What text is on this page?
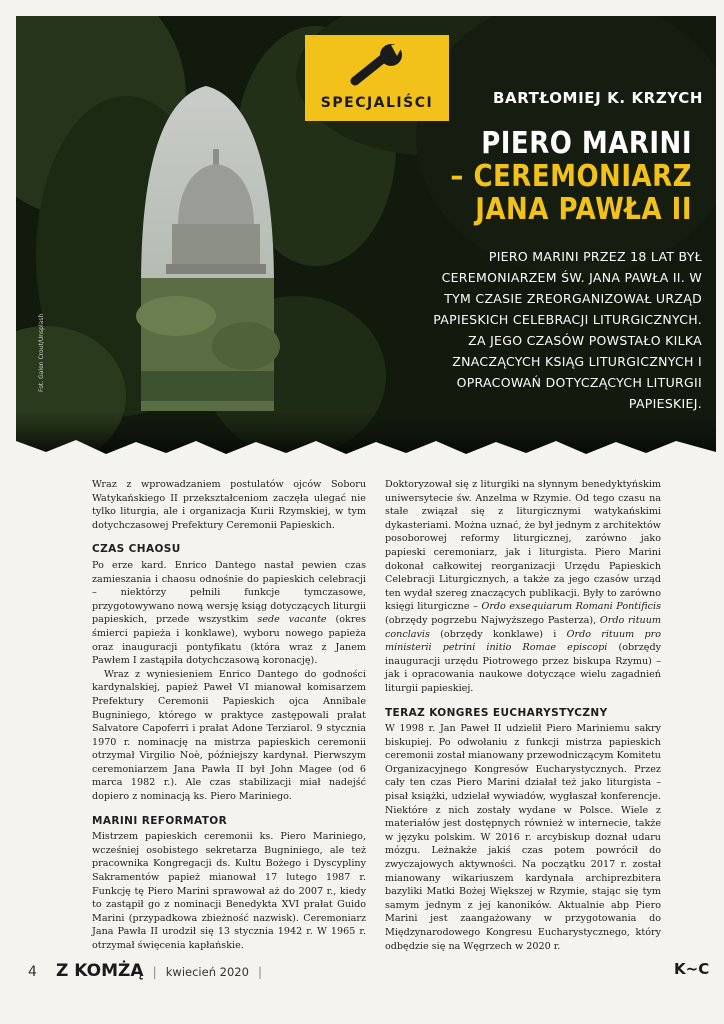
SPECJALIŚCI	BARTŁOMIEJ K. KRZYCH
PIERO MARINI
– CEREMONIARZ
JANA PAWŁA II
PIERO MARINI PRZEZ 18 LAT BYŁ CEREMONIARZEM ŚW. JANA PAWŁA II. W TYM CZASIE ZREORGANIZOWAŁ URZĄD PAPIESKICH CELEBRACJI LITURGICZNYCH. ZA JEGO CZASÓW POWSTAŁO KILKA ZNACZĄCYCH KSIĄG LITURGICZNYCH I OPRACOWAŃ DOTYCZĄCYCH LITURGII PAPIESKIEJ.
Fot. Galen Crout/Unsplash

Wraz z wprowadzaniem postulatów ojców Soboru Watykańskiego II przekształceniom zaczęła ulegać nie tylko liturgia, ale i organizacja Kurii Rzymskiej, w tym dotychczasowej Prefektury Ceremonii Papieskich.

CZAS CHAOSU

Po erze kard. Enrico Dantego nastał pewien czas zamieszania i chaosu odnośnie do papieskich celebracji – niektórzy pełnili funkcje tymczasowe, przygotowywano nową wersję ksiąg dotyczących liturgii papieskich, przede wszystkim sede vacante (okres śmierci papieża i konklawe), wyboru nowego papieża oraz inauguracji pontyfikatu (która wraz z Janem Pawłem I zastąpiła dotychczasową koronację).

Wraz z wyniesieniem Enrico Dantego do godności kardynalskiej, papież Paweł VI mianował komisarzem Prefektury Ceremonii Papieskich ojca Annibale Bugniniego, którego w praktyce zastępowali prałat Salvatore Capoferri i prałat Adone Terziarol. 9 stycznia 1970 r. nominację na mistrza papieskich ceremonii otrzymał Virgilio Noè, późniejszy kardynał. Pierwszym ceremoniarzem Jana Pawła II był John Magee (od 6 marca 1982 r.). Ale czas stabilizacji miał nadejść dopiero z nominacją ks. Piero Mariniego.

MARINI REFORMATOR

Mistrzem papieskich ceremonii ks. Piero Mariniego, wcześniej osobistego sekretarza Bugniniego, ale też pracownika Kongregacji ds. Kultu Bożego i Dyscypliny Sakramentów papież mianował 17 lutego 1987 r. Funkcję tę Piero Marini sprawował aż do 2007 r., kiedy to zastąpił go z nominacji Benedykta XVI prałat Guido Marini (przypadkowa zbieżność nazwisk). Ceremoniarz Jana Pawła II urodził się 13 stycznia 1942 r. W 1965 r. otrzymał święcenia kapłańskie.

Doktoryzował się z liturgiki na słynnym benedyktyńskim uniwersytecie św. Anzelma w Rzymie. Od tego czasu na stałe związał się z liturgicznymi watykańskimi dykasteriami. Można uznać, że był jednym z architektów posoborowej reformy liturgicznej, zarówno jako papieski ceremoniarz, jak i liturgista. Piero Marini dokonał całkowitej reorganizacji Urzędu Papieskich Celebracji Liturgicznych, a także za jego czasów urząd ten wydał szereg znaczących publikacji. Były to zarówno księgi liturgiczne – Ordo exsequiarum Romani Pontificis (obrzędy pogrzebu Najwyższego Pasterza), Ordo rituum conclavis (obrzędy konklawe) i Ordo rituum pro ministerii petrini initio Romae episcopi (obrzędy inauguracji urzędu Piotrowego przez biskupa Rzymu) – jak i opracowania naukowe dotyczące wielu zagadnień liturgii papieskiej.

TERAZ KONGRES EUCHARYSTYCZNY

W 1998 r. Jan Paweł II udzielił Piero Mariniemu sakry biskupiej. Po odwołaniu z funkcji mistrza papieskich ceremonii został mianowany przewodniczącym Komitetu Organizacyjnego Kongresów Eucharystycznych. Przez cały ten czas Piero Marini działał też jako liturgista – pisał książki, udzielał wywiadów, wygłaszał konferencje. Niektóre z nich zostały wydane w Polsce. Wiele z materiałów jest dostępnych również w internecie, także w języku polskim. W 2016 r. arcybiskup doznał udaru mózgu. Leżnakże jakiś czas potem powrócił do zwyczajowych aktywności. Na początku 2017 r. został mianowany wikariuszem kardynała archiprezbitera bazyliki Matki Bożej Większej w Rzymie, stając się tym samym jednym z jej kanoników. Aktualnie abp Piero Marini jest zaangażowany w przygotowania do Międzynarodowego Kongresu Eucharystycznego, który odbędzie się na Węgrzech w 2020 r.

4 Z KOMŻĄ | kwiecień 2020 |	K~C
